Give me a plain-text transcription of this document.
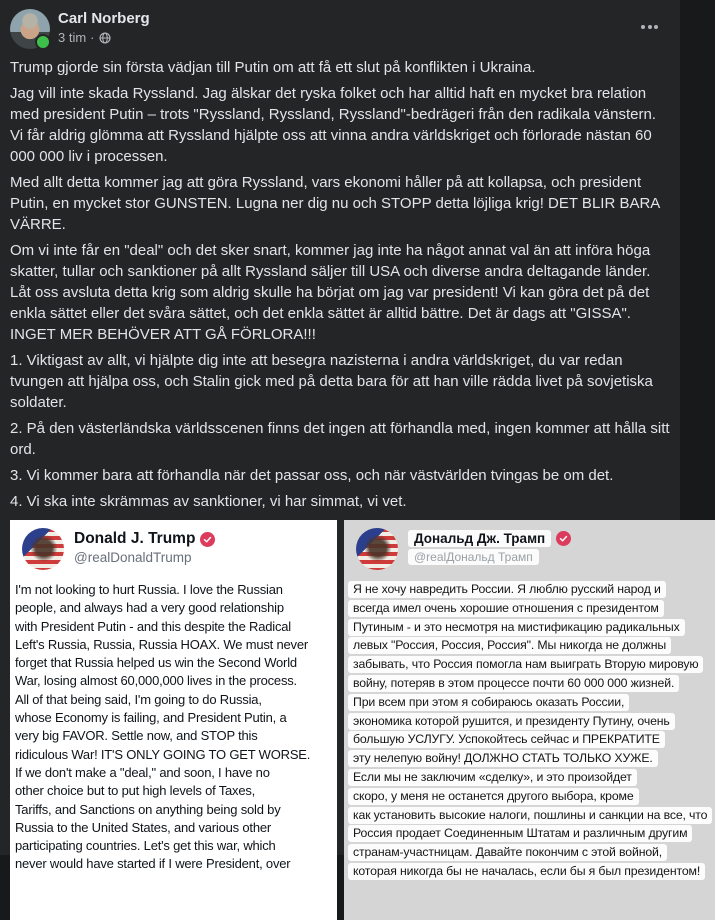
Carl Norberg
3 tim ·

Trump gjorde sin första vädjan till Putin om att få ett slut på konflikten i Ukraina.

Jag vill inte skada Ryssland. Jag älskar det ryska folket och har alltid haft en mycket bra relation med president Putin – trots "Ryssland, Ryssland, Ryssland"-bedrägeri från den radikala vänstern. Vi får aldrig glömma att Ryssland hjälpte oss att vinna andra världskriget och förlorade nästan 60 000 000 liv i processen.

Med allt detta kommer jag att göra Ryssland, vars ekonomi håller på att kollapsa, och president Putin, en mycket stor GUNSTEN. Lugna ner dig nu och STOPP detta löjliga krig! DET BLIR BARA VÄRRE.

Om vi inte får en "deal" och det sker snart, kommer jag inte ha något annat val än att införa höga skatter, tullar och sanktioner på allt Ryssland säljer till USA och diverse andra deltagande länder. Låt oss avsluta detta krig som aldrig skulle ha börjat om jag var president! Vi kan göra det på det enkla sättet eller det svåra sättet, och det enkla sättet är alltid bättre. Det är dags att "GISSA". INGET MER BEHÖVER ATT GÅ FÖRLORA!!!

1. Viktigast av allt, vi hjälpte dig inte att besegra nazisterna i andra världskriget, du var redan tvungen att hjälpa oss, och Stalin gick med på detta bara för att han ville rädda livet på sovjetiska soldater.

2. På den västerländska världsscenen finns det ingen att förhandla med, ingen kommer att hålla sitt ord.

3. Vi kommer bara att förhandla när det passar oss, och när västvärlden tvingas be om det.

4. Vi ska inte skrämmas av sanktioner, vi har simmat, vi vet.

Donald J. Trump
@realDonaldTrump
I'm not looking to hurt Russia. I love the Russian
people, and always had a very good relationship
with President Putin - and this despite the Radical
Left's Russia, Russia, Russia HOAX. We must never
forget that Russia helped us win the Second World
War, losing almost 60,000,000 lives in the process.
All of that being said, I'm going to do Russia,
whose Economy is failing, and President Putin, a
very big FAVOR. Settle now, and STOP this
ridiculous War! IT'S ONLY GOING TO GET WORSE.
If we don't make a "deal," and soon, I have no
other choice but to put high levels of Taxes,
Tariffs, and Sanctions on anything being sold by
Russia to the United States, and various other
participating countries. Let's get this war, which
never would have started if I were President, over
Дональд Дж. Трамп
@realДональд Трамп
Я не хочу навредить России. Я люблю русский народ и
всегда имел очень хорошие отношения с президентом
Путиным - и это несмотря на мистификацию радикальных
левых "Россия, Россия, Россия". Мы никогда не должны
забывать, что Россия помогла нам выиграть Вторую мировую
войну, потеряв в этом процессе почти 60 000 000 жизней.
При всем при этом я собираюсь оказать России,
экономика которой рушится, и президенту Путину, очень
большую УСЛУГУ. Успокойтесь сейчас и ПРЕКРАТИТЕ
эту нелепую войну! ДОЛЖНО СТАТЬ ТОЛЬКО ХУЖЕ.
Если мы не заключим «сделку», и это произойдет
скоро, у меня не останется другого выбора, кроме
как установить высокие налоги, пошлины и санкции на все, что
Россия продает Соединенным Штатам и различным другим
странам-участницам. Давайте покончим с этой войной,
которая никогда бы не началась, если бы я был президентом!
